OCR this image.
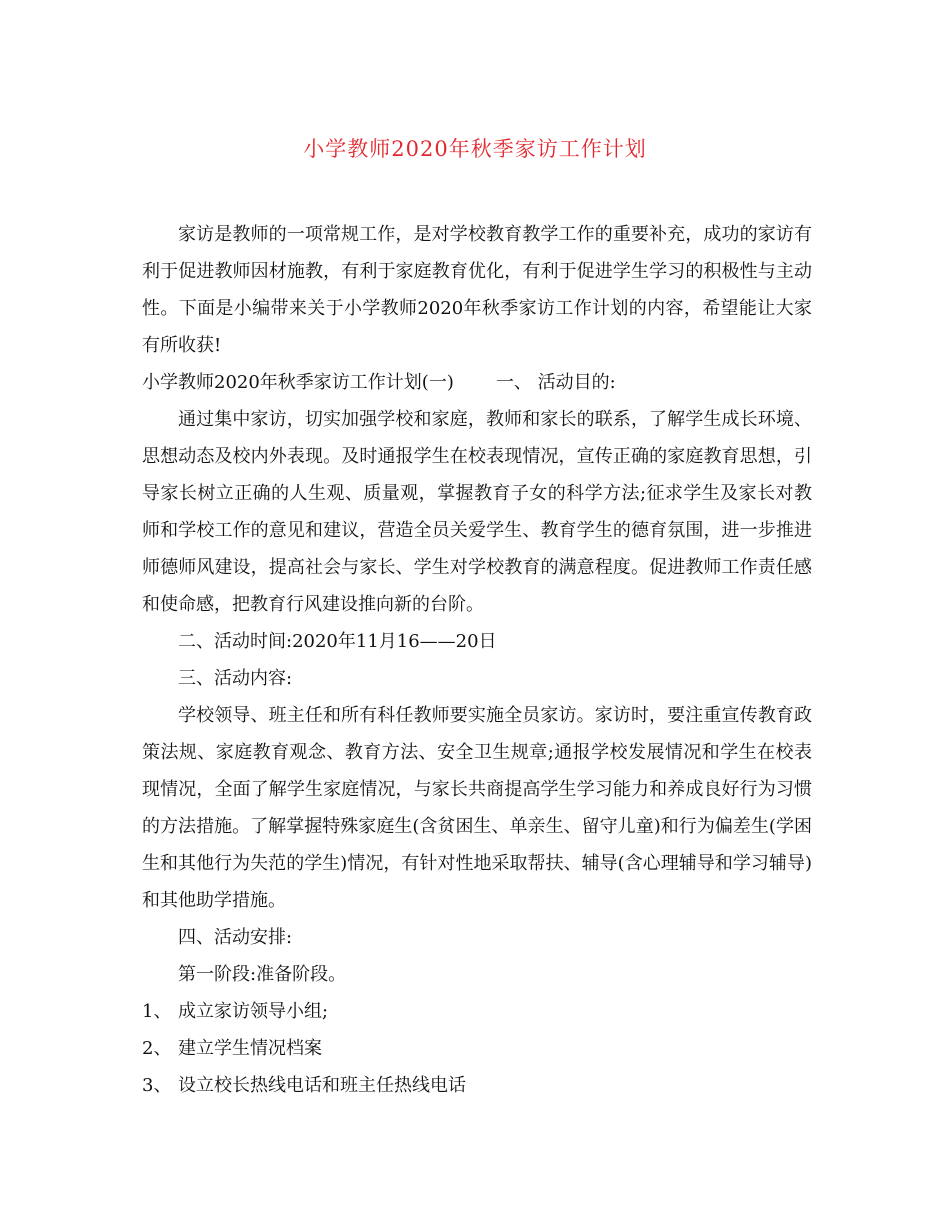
小学教师2020年秋季家访工作计划

家访是教师的一项常规工作，是对学校教育教学工作的重要补充，成功的家访有利于促进教师因材施教，有利于家庭教育优化，有利于促进学生学习的积极性与主动性。下面是小编带来关于小学教师2020年秋季家访工作计划的内容，希望能让大家有所收获!

小学教师2020年秋季家访工作计划(一) 一、 活动目的:

通过集中家访，切实加强学校和家庭，教师和家长的联系，了解学生成长环境、思想动态及校内外表现。及时通报学生在校表现情况，宣传正确的家庭教育思想，引导家长树立正确的人生观、质量观，掌握教育子女的科学方法;征求学生及家长对教师和学校工作的意见和建议，营造全员关爱学生、教育学生的德育氛围，进一步推进师德师风建设，提高社会与家长、学生对学校教育的满意程度。促进教师工作责任感和使命感，把教育行风建设推向新的台阶。

二、活动时间:2020年11月16——20日

三、活动内容:

学校领导、班主任和所有科任教师要实施全员家访。家访时，要注重宣传教育政策法规、家庭教育观念、教育方法、安全卫生规章;通报学校发展情况和学生在校表现情况，全面了解学生家庭情况，与家长共商提高学生学习能力和养成良好行为习惯的方法措施。了解掌握特殊家庭生(含贫困生、单亲生、留守儿童)和行为偏差生(学困生和其他行为失范的学生)情况，有针对性地采取帮扶、辅导(含心理辅导和学习辅导)和其他助学措施。

四、活动安排:

第一阶段:准备阶段。

1、 成立家访领导小组;

2、 建立学生情况档案

3、 设立校长热线电话和班主任热线电话
